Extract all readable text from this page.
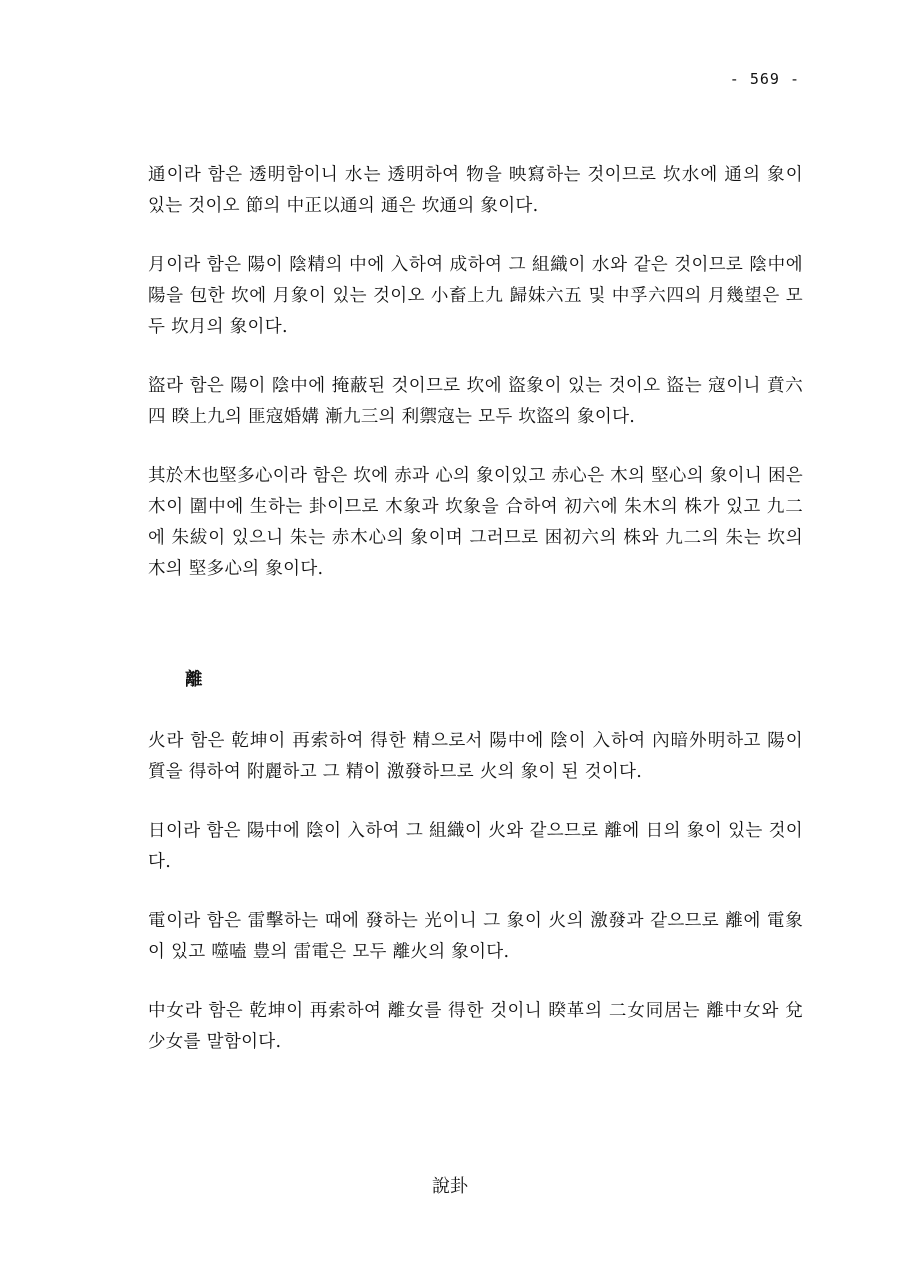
- 569 -

通이라 함은 透明함이니 水는 透明하여 物을 映寫하는 것이므로 坎水에 通의 象이 있는 것이오 節의 中正以通의 通은 坎通의 象이다.

月이라 함은 陽이 陰精의 中에 入하여 成하여 그 組織이 水와 같은 것이므로 陰中에 陽을 包한 坎에 月象이 있는 것이오 小畜上九 歸妹六五 및 中孚六四의 月幾望은 모두 坎月의 象이다.

盜라 함은 陽이 陰中에 掩蔽된 것이므로 坎에 盜象이 있는 것이오 盜는 寇이니 賁六四 睽上九의 匪寇婚媾 漸九三의 利禦寇는 모두 坎盜의 象이다.

其於木也堅多心이라 함은 坎에 赤과 心의 象이있고 赤心은 木의 堅心의 象이니 困은 木이 圍中에 生하는 卦이므로 木象과 坎象을 合하여 初六에 朱木의 株가 있고 九二에 朱紱이 있으니 朱는 赤木心의 象이며 그러므로 困初六의 株와 九二의 朱는 坎의 木의 堅多心의 象이다.

離

火라 함은 乾坤이 再索하여 得한 精으로서 陽中에 陰이 入하여 內暗外明하고 陽이 質을 得하여 附麗하고 그 精이 激發하므로 火의 象이 된 것이다.

日이라 함은 陽中에 陰이 入하여 그 組織이 火와 같으므로 離에 日의 象이 있는 것이다.

電이라 함은 雷擊하는 때에 發하는 光이니 그 象이 火의 激發과 같으므로 離에 電象이 있고 噬嗑 豊의 雷電은 모두 離火의 象이다.

中女라 함은 乾坤이 再索하여 離女를 得한 것이니 睽革의 二女同居는 離中女와 兌少女를 말함이다.

說卦
